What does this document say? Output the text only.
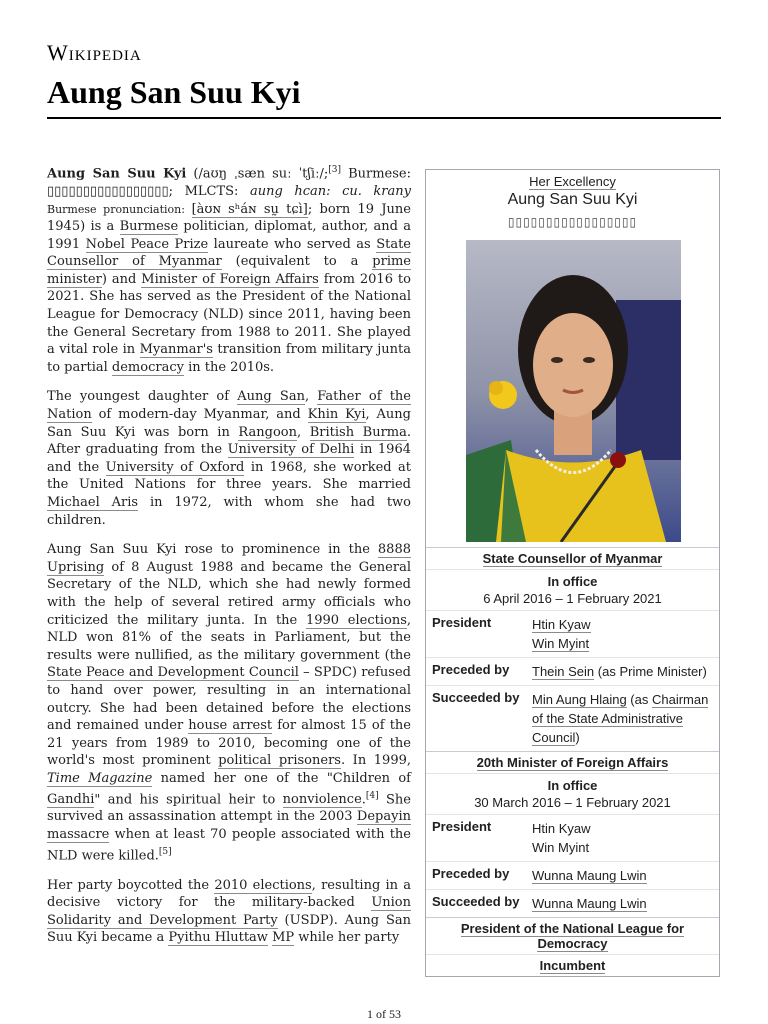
Wikipedia
Aung San Suu Kyi

Aung San Suu Kyi (/aʊŋ ˌsæn suː ˈtʃiː/;[3] Burmese: ▯▯▯▯▯▯▯▯▯▯▯▯▯▯▯▯▯; MLCTS: aung hcan: cu. krany Burmese pronunciation: [àʊɴ sʰáɴ sṵ tɕì]; born 19 June 1945) is a Burmese politician, diplomat, author, and a 1991 Nobel Peace Prize laureate who served as State Counsellor of Myanmar (equivalent to a prime minister) and Minister of Foreign Affairs from 2016 to 2021. She has served as the President of the National League for Democracy (NLD) since 2011, having been the General Secretary from 1988 to 2011. She played a vital role in Myanmar's transition from military junta to partial democracy in the 2010s.

The youngest daughter of Aung San, Father of the Nation of modern-day Myanmar, and Khin Kyi, Aung San Suu Kyi was born in Rangoon, British Burma. After graduating from the University of Delhi in 1964 and the University of Oxford in 1968, she worked at the United Nations for three years. She married Michael Aris in 1972, with whom she had two children.

Aung San Suu Kyi rose to prominence in the 8888 Uprising of 8 August 1988 and became the General Secretary of the NLD, which she had newly formed with the help of several retired army officials who criticized the military junta. In the 1990 elections, NLD won 81% of the seats in Parliament, but the results were nullified, as the military government (the State Peace and Development Council – SPDC) refused to hand over power, resulting in an international outcry. She had been detained before the elections and remained under house arrest for almost 15 of the 21 years from 1989 to 2010, becoming one of the world's most prominent political prisoners. In 1999, Time Magazine named her one of the "Children of Gandhi" and his spiritual heir to nonviolence.[4] She survived an assassination attempt in the 2003 Depayin massacre when at least 70 people associated with the NLD were killed.[5]

Her party boycotted the 2010 elections, resulting in a decisive victory for the military-backed Union Solidarity and Development Party (USDP). Aung San Suu Kyi became a Pyithu Hluttaw MP while her party

Her Excellency
Aung San Suu Kyi
▯▯▯▯▯▯▯▯▯▯▯▯▯▯▯▯▯
State Counsellor of Myanmar
In office
6 April 2016 – 1 February 2021
President	Htin Kyaw
Win Myint
Preceded by	Thein Sein (as Prime Minister)
Succeeded by Min Aung Hlaing (as Chairman of the State Administrative Council)
20th Minister of Foreign Affairs
In office
30 March 2016 – 1 February 2021
President	Htin Kyaw
Win Myint
Preceded by	Wunna Maung Lwin
Succeeded by Wunna Maung Lwin
President of the National League for Democracy
Incumbent
1 of 53
